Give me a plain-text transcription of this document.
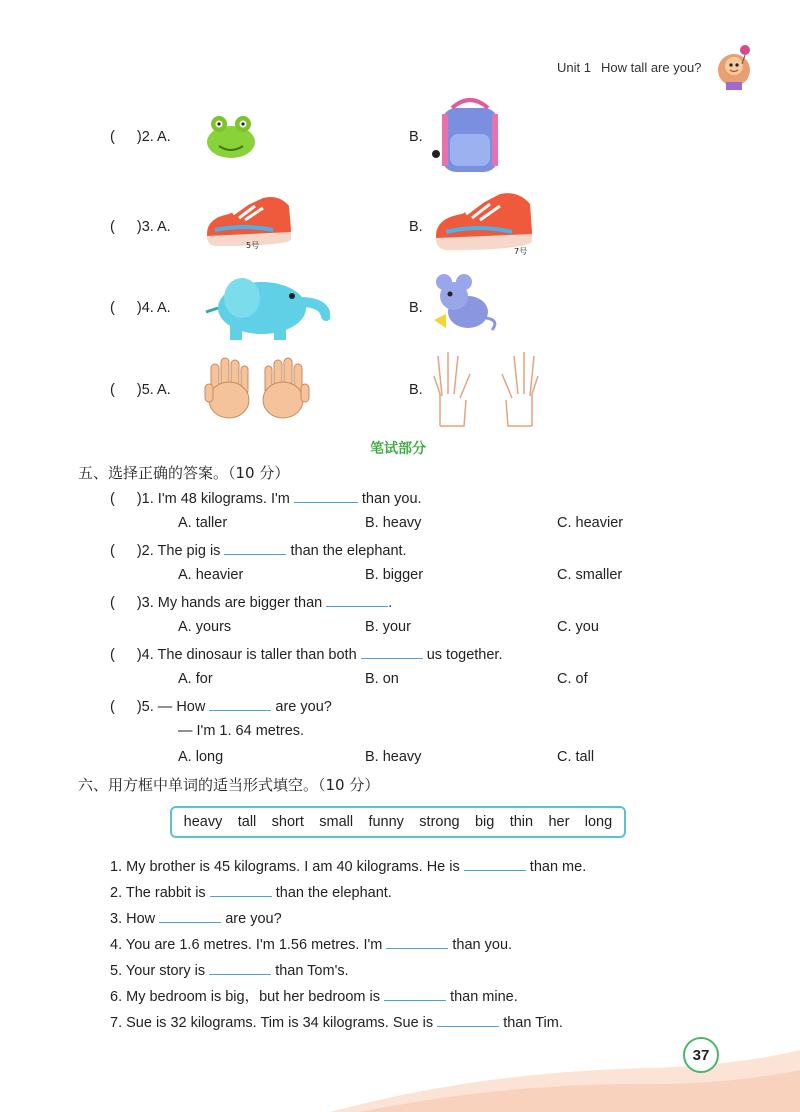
Unit 1 How tall are you?
( )2. A.	B.
( )3. A.
5号
B.
7号
( )4. A.	B.
( )5. A.	B.
笔试部分
五、选择正确的答案。（10 分）
( )1. I'm 48 kilograms. I'm	than you.
A. taller	B. heavy	C. heavier
( )2. The pig is	than the elephant.
A. heavier	B. bigger	C. smaller
( )3. My hands are bigger than	.
A. yours	B. your	C. you
( )4. The dinosaur is taller than both	us together.
A. for	B. on	C. of
( )5. — How	are you?
— I'm 1. 64 metres.
A. long	B. heavy	C. tall
六、用方框中单词的适当形式填空。（10 分）
heavy tall short small funny strong big thin her long
1. My brother is 45 kilograms. I am 40 kilograms. He is	than me.
2. The rabbit is	than the elephant.
3. How	are you?
4. You are 1.6 metres. I'm 1.56 metres. I'm	than you.
5. Your story is	than Tom's.
6. My bedroom is big，but her bedroom is	than mine.
7. Sue is 32 kilograms. Tim is 34 kilograms. Sue is	than Tim.
37
